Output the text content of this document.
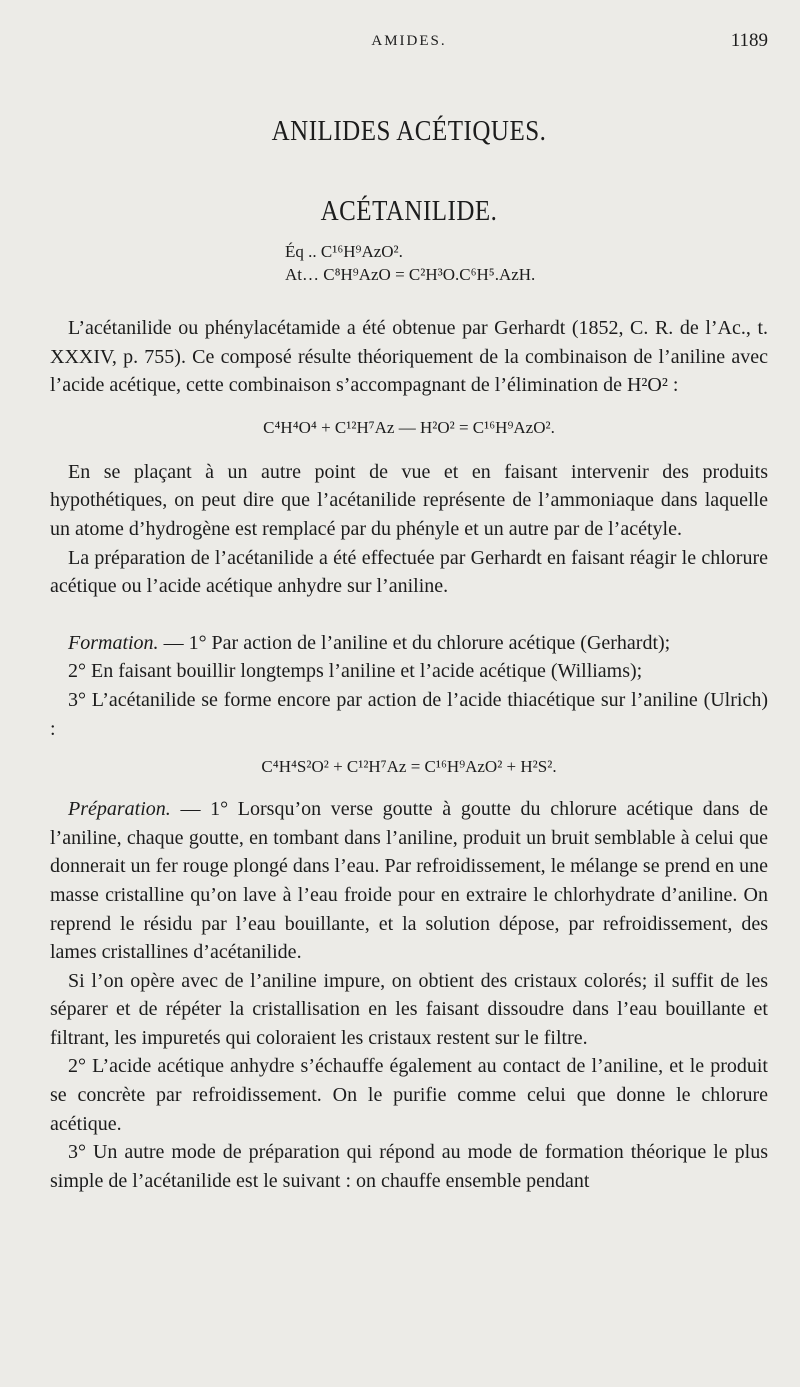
AMIDES.	1189
ANILIDES ACÉTIQUES.
ACÉTANILIDE.
Éq .. C¹⁶H⁹AzO².
At… C⁸H⁹AzO = C²H³O.C⁶H⁵.AzH.

L’acétanilide ou phénylacétamide a été obtenue par Gerhardt (1852, C. R. de l’Ac., t. XXXIV, p. 755). Ce composé résulte théoriquement de la combinaison de l’aniline avec l’acide acétique, cette combinaison s’accompagnant de l’élimination de H²O² :

C⁴H⁴O⁴ + C¹²H⁷Az — H²O² = C¹⁶H⁹AzO².

En se plaçant à un autre point de vue et en faisant intervenir des produits hypothétiques, on peut dire que l’acétanilide représente de l’ammoniaque dans laquelle un atome d’hydrogène est remplacé par du phényle et un autre par de l’acétyle.

La préparation de l’acétanilide a été effectuée par Gerhardt en faisant réagir le chlorure acétique ou l’acide acétique anhydre sur l’aniline.

Formation. — 1° Par action de l’aniline et du chlorure acétique (Gerhardt);

2° En faisant bouillir longtemps l’aniline et l’acide acétique (Williams);

3° L’acétanilide se forme encore par action de l’acide thiacétique sur l’aniline (Ulrich) :

C⁴H⁴S²O² + C¹²H⁷Az = C¹⁶H⁹AzO² + H²S².

Préparation. — 1° Lorsqu’on verse goutte à goutte du chlorure acétique dans de l’aniline, chaque goutte, en tombant dans l’aniline, produit un bruit semblable à celui que donnerait un fer rouge plongé dans l’eau. Par refroidissement, le mélange se prend en une masse cristalline qu’on lave à l’eau froide pour en extraire le chlorhydrate d’aniline. On reprend le résidu par l’eau bouillante, et la solution dépose, par refroidissement, des lames cristallines d’acétanilide.

Si l’on opère avec de l’aniline impure, on obtient des cristaux colorés; il suffit de les séparer et de répéter la cristallisation en les faisant dissoudre dans l’eau bouillante et filtrant, les impuretés qui coloraient les cristaux restent sur le filtre.

2° L’acide acétique anhydre s’échauffe également au contact de l’aniline, et le produit se concrète par refroidissement. On le purifie comme celui que donne le chlorure acétique.

3° Un autre mode de préparation qui répond au mode de formation théorique le plus simple de l’acétanilide est le suivant : on chauffe ensemble pendant
